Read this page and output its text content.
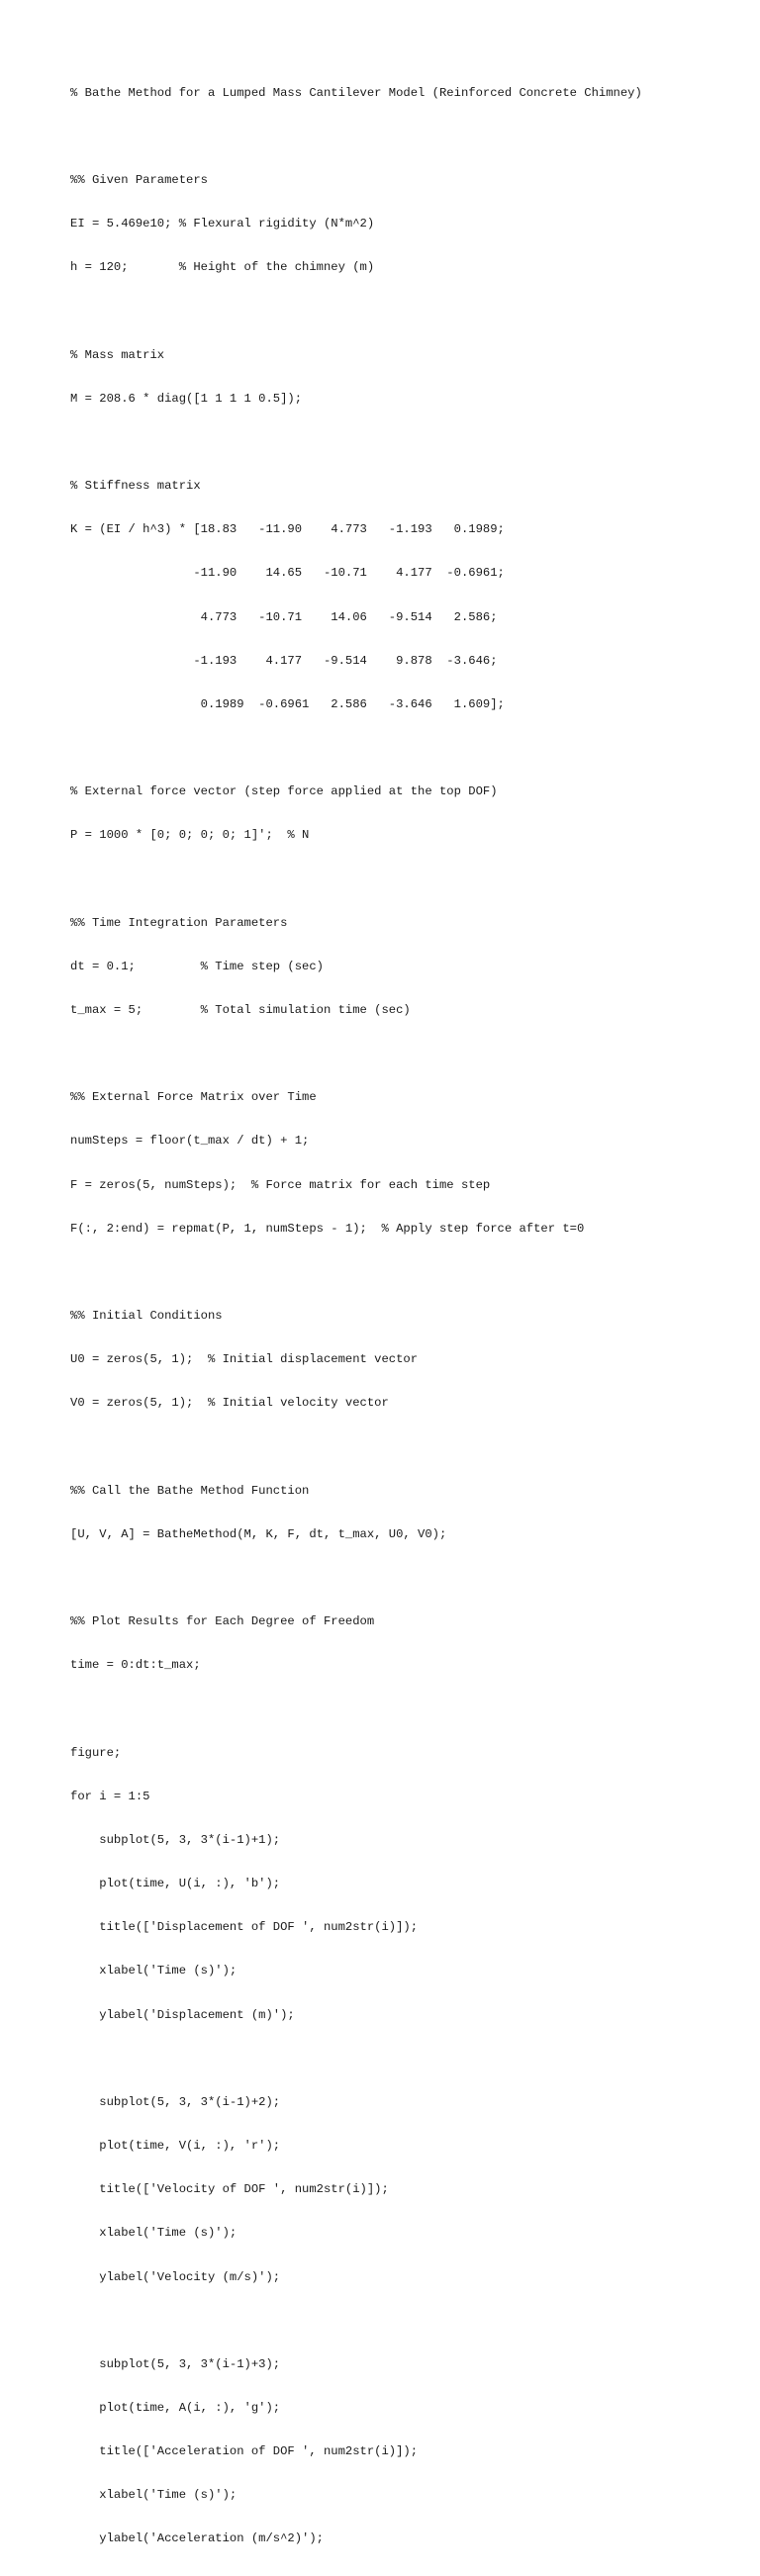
% Bathe Method for a Lumped Mass Cantilever Model (Reinforced Concrete Chimney)

%% Given Parameters

EI = 5.469e10; % Flexural rigidity (N*m^2)

h = 120;       % Height of the chimney (m)

% Mass matrix

M = 208.6 * diag([1 1 1 1 0.5]);

% Stiffness matrix

K = (EI / h^3) * [18.83   -11.90    4.773   -1.193   0.1989;

-11.90    14.65   -10.71    4.177  -0.6961;

4.773   -10.71    14.06   -9.514   2.586;

-1.193    4.177   -9.514    9.878  -3.646;

0.1989  -0.6961   2.586   -3.646   1.609];

% External force vector (step force applied at the top DOF)

P = 1000 * [0; 0; 0; 0; 1]';  % N

%% Time Integration Parameters

dt = 0.1;         % Time step (sec)

t_max = 5;        % Total simulation time (sec)

%% External Force Matrix over Time

numSteps = floor(t_max / dt) + 1;

F = zeros(5, numSteps);  % Force matrix for each time step

F(:, 2:end) = repmat(P, 1, numSteps - 1);  % Apply step force after t=0

%% Initial Conditions

U0 = zeros(5, 1);  % Initial displacement vector

V0 = zeros(5, 1);  % Initial velocity vector

%% Call the Bathe Method Function

[U, V, A] = BatheMethod(M, K, F, dt, t_max, U0, V0);

%% Plot Results for Each Degree of Freedom

time = 0:dt:t_max;

figure;

for i = 1:5

subplot(5, 3, 3*(i-1)+1);

plot(time, U(i, :), 'b');

title(['Displacement of DOF ', num2str(i)]);

xlabel('Time (s)');

ylabel('Displacement (m)');

subplot(5, 3, 3*(i-1)+2);

plot(time, V(i, :), 'r');

title(['Velocity of DOF ', num2str(i)]);

xlabel('Time (s)');

ylabel('Velocity (m/s)');

subplot(5, 3, 3*(i-1)+3);

plot(time, A(i, :), 'g');

title(['Acceleration of DOF ', num2str(i)]);

xlabel('Time (s)');

ylabel('Acceleration (m/s^2)');
